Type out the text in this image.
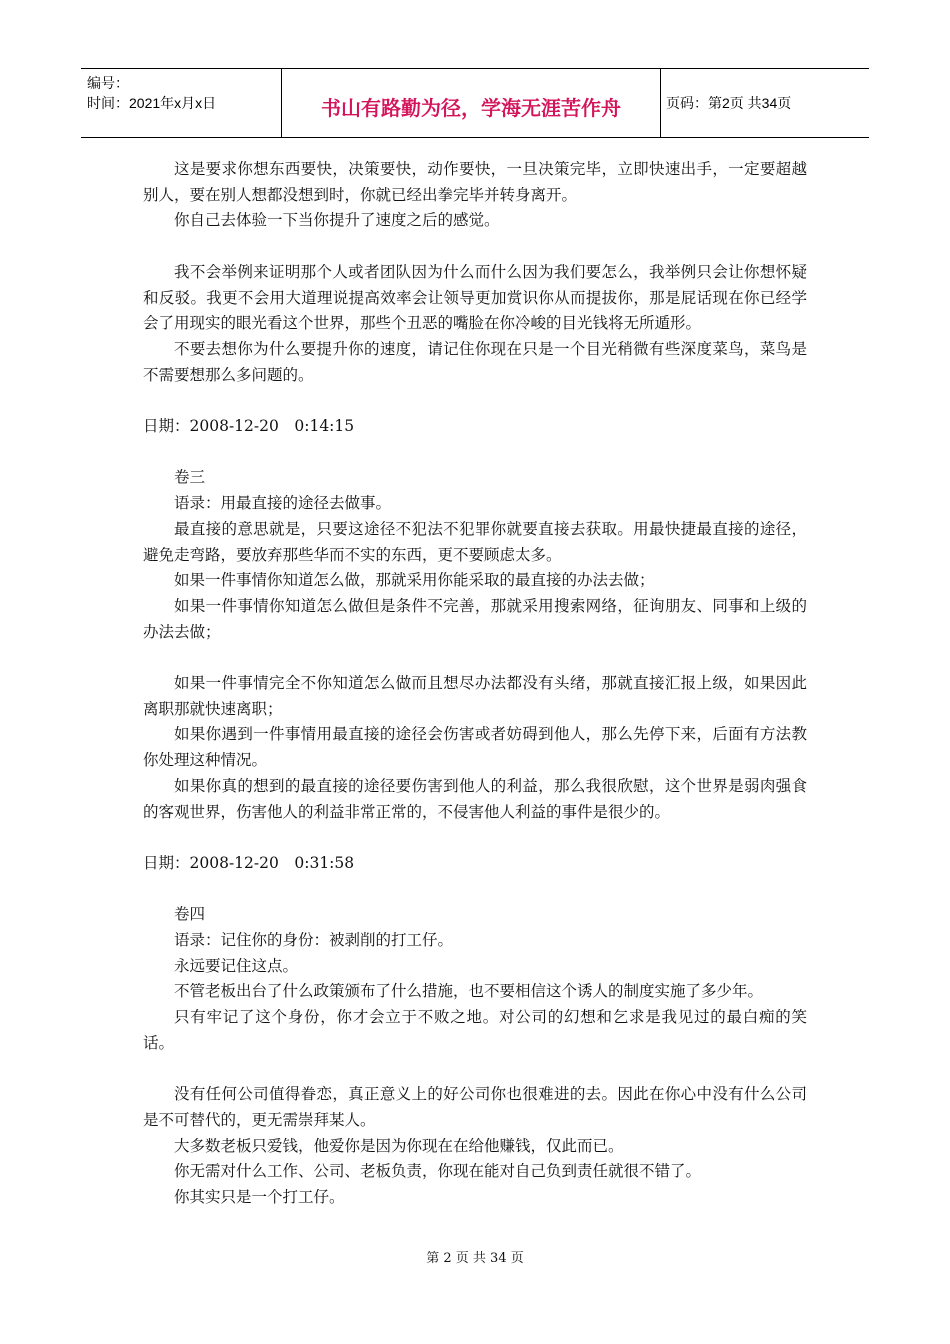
编号：
时间：2021年x月x日	书山有路勤为径，学海无涯苦作舟	页码：第2页 共34页

这是要求你想东西要快，决策要快，动作要快，一旦决策完毕，立即快速出手，一定要超越别人，要在别人想都没想到时，你就已经出拳完毕并转身离开。

你自己去体验一下当你提升了速度之后的感觉。

我不会举例来证明那个人或者团队因为什么而什么因为我们要怎么，我举例只会让你想怀疑和反驳。我更不会用大道理说提高效率会让领导更加赏识你从而提拔你，那是屁话现在你已经学会了用现实的眼光看这个世界，那些个丑恶的嘴脸在你冷峻的目光钱将无所遁形。

不要去想你为什么要提升你的速度，请记住你现在只是一个目光稍微有些深度菜鸟，菜鸟是不需要想那么多问题的。

日期：2008-12-20　0:14:15

卷三

语录：用最直接的途径去做事。

最直接的意思就是，只要这途径不犯法不犯罪你就要直接去获取。用最快捷最直接的途径，避免走弯路，要放弃那些华而不实的东西，更不要顾虑太多。

如果一件事情你知道怎么做，那就采用你能采取的最直接的办法去做；

如果一件事情你知道怎么做但是条件不完善，那就采用搜索网络，征询朋友、同事和上级的办法去做；

如果一件事情完全不你知道怎么做而且想尽办法都没有头绪，那就直接汇报上级，如果因此离职那就快速离职；

如果你遇到一件事情用最直接的途径会伤害或者妨碍到他人，那么先停下来，后面有方法教你处理这种情况。

如果你真的想到的最直接的途径要伤害到他人的利益，那么我很欣慰，这个世界是弱肉强食的客观世界，伤害他人的利益非常正常的，不侵害他人利益的事件是很少的。

日期：2008-12-20　0:31:58

卷四

语录：记住你的身份：被剥削的打工仔。

永远要记住这点。

不管老板出台了什么政策颁布了什么措施，也不要相信这个诱人的制度实施了多少年。

只有牢记了这个身份，你才会立于不败之地。对公司的幻想和乞求是我见过的最白痴的笑话。

没有任何公司值得眷恋，真正意义上的好公司你也很难进的去。因此在你心中没有什么公司是不可替代的，更无需崇拜某人。

大多数老板只爱钱，他爱你是因为你现在在给他赚钱，仅此而已。

你无需对什么工作、公司、老板负责，你现在能对自己负到责任就很不错了。

你其实只是一个打工仔。

第 2 页 共 34 页
